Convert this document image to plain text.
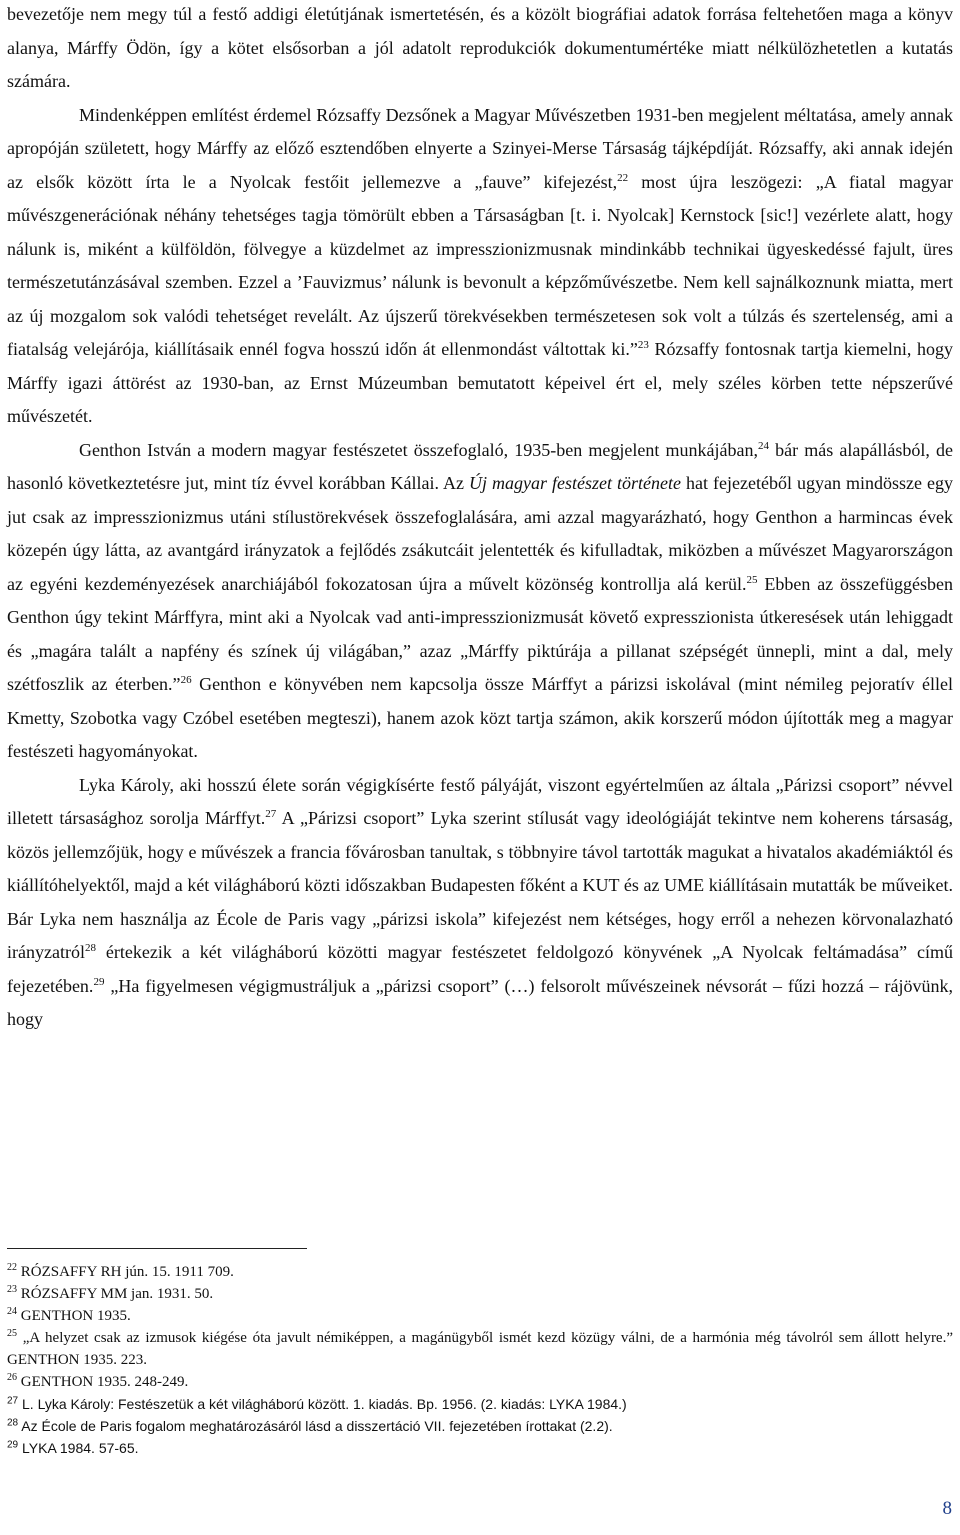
bevezetője nem megy túl a festő addigi életútjának ismertetésén, és a közölt biográfiai adatok forrása feltehetően maga a könyv alanya, Márffy Ödön, így a kötet elsősorban a jól adatolt reprodukciók dokumentumértéke miatt nélkülözhetetlen a kutatás számára.

Mindenképpen említést érdemel Rózsaffy Dezsőnek a Magyar Művészetben 1931-ben megjelent méltatása, amely annak apropóján született, hogy Márffy az előző esztendőben elnyerte a Szinyei-Merse Társaság tájképdíját. Rózsaffy, aki annak idején az elsők között írta le a Nyolcak festőit jellemezve a „fauve” kifejezést,$^{22}$ most újra leszögezi: „A fiatal magyar művészgenerációnak néhány tehetséges tagja tömörült ebben a Társaságban [t. i. Nyolcak] Kernstock [sic!] vezérlete alatt, hogy nálunk is, miként a külföldön, fölvegye a küzdelmet az impresszionizmusnak mindinkább technikai ügyeskedéssé fajult, üres természetutánzásával szemben. Ezzel a ’Fauvizmus’ nálunk is bevonult a képzőművészetbe. Nem kell sajnálkoznunk miatta, mert az új mozgalom sok valódi tehetséget revelált. Az újszerű törekvésekben természetesen sok volt a túlzás és szertelenség, ami a fiatalság velejárója, kiállításaik ennél fogva hosszú időn át ellenmondást váltottak ki.”$^{23}$ Rózsaffy fontosnak tartja kiemelni, hogy Márffy igazi áttörést az 1930-ban, az Ernst Múzeumban bemutatott képeivel ért el, mely széles körben tette népszerűvé művészetét.

Genthon István a modern magyar festészetet összefoglaló, 1935-ben megjelent munkájában,$^{24}$ bár más alapállásból, de hasonló következtetésre jut, mint tíz évvel korábban Kállai. Az Új magyar festészet története hat fejezetéből ugyan mindössze egy jut csak az impresszionizmus utáni stílustörekvések összefoglalására, ami azzal magyarázható, hogy Genthon a harmincas évek közepén úgy látta, az avantgárd irányzatok a fejlődés zsákutcáit jelentették és kifulladtak, miközben a művészet Magyarországon az egyéni kezdeményezések anarchiájából fokozatosan újra a művelt közönség kontrollja alá kerül.$^{25}$ Ebben az összefüggésben Genthon úgy tekint Márffyra, mint aki a Nyolcak vad anti-impresszionizmusát követő expresszionista útkeresések után lehiggadt és „magára talált a napfény és színek új világában,” azaz „Márffy piktúrája a pillanat szépségét ünnepli, mint a dal, mely szétfoszlik az éterben.”$^{26}$ Genthon e könyvében nem kapcsolja össze Márffyt a párizsi iskolával (mint némileg pejoratív éllel Kmetty, Szobotka vagy Czóbel esetében megteszi), hanem azok közt tartja számon, akik korszerű módon újították meg a magyar festészeti hagyományokat.

Lyka Károly, aki hosszú élete során végigkísérte festő pályáját, viszont egyértelműen az általa „Párizsi csoport” névvel illetett társasághoz sorolja Márffyt.$^{27}$ A „Párizsi csoport” Lyka szerint stílusát vagy ideológiáját tekintve nem koherens társaság, közös jellemzőjük, hogy e művészek a francia fővárosban tanultak, s többnyire távol tartották magukat a hivatalos akadémiáktól és kiállítóhelyektől, majd a két világháború közti időszakban Budapesten főként a KUT és az UME kiállításain mutatták be műveiket. Bár Lyka nem használja az École de Paris vagy „párizsi iskola” kifejezést nem kétséges, hogy erről a nehezen körvonalazható irányzatról$^{28}$ értekezik a két világháború közötti magyar festészetet feldolgozó könyvének „A Nyolcak feltámadása” című fejezetében.$^{29}$ „Ha figyelmesen végigmustráljuk a „párizsi csoport” (…) felsorolt művészeinek névsorát – fűzi hozzá – rájövünk, hogy

$^{22}$ RÓZSAFFY RH jún. 15. 1911 709.

$^{23}$ RÓZSAFFY MM jan. 1931. 50.

$^{24}$ GENTHON 1935.

$^{25}$ „A helyzet csak az izmusok kiégése óta javult némiképpen, a magánügyből ismét kezd közügy válni, de a harmónia még távolról sem állott helyre.” GENTHON 1935. 223.

$^{26}$ GENTHON 1935. 248-249.

$^{27}$ L. Lyka Károly: Festészetük a két világháború között. 1. kiadás. Bp. 1956. (2. kiadás: LYKA 1984.)

$^{28}$ Az École de Paris fogalom meghatározásáról lásd a disszertáció VII. fejezetében írottakat (2.2).

$^{29}$ LYKA 1984. 57-65.

8
